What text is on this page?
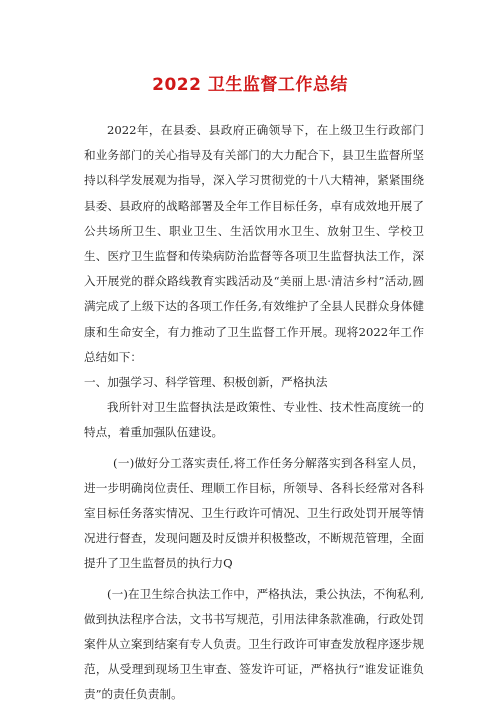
2022 卫生监督工作总结

2022年，在县委、县政府正确领导下，在上级卫生行政部门和业务部门的关心指导及有关部门的大力配合下，县卫生监督所坚持以科学发展观为指导，深入学习贯彻党的十八大精神，紧紧围绕县委、县政府的战略部署及全年工作目标任务，卓有成效地开展了公共场所卫生、职业卫生、生活饮用水卫生、放射卫生、学校卫生、医疗卫生监督和传染病防治监督等各项卫生监督执法工作，深入开展党的群众路线教育实践活动及“美丽上思·清洁乡村”活动,圆满完成了上级下达的各项工作任务,有效维护了全县人民群众身体健康和生命安全，有力推动了卫生监督工作开展。现将2022年工作总结如下：

一、加强学习、科学管理、积极创新，严格执法

我所针对卫生监督执法是政策性、专业性、技术性高度统一的特点，着重加强队伍建设。

(一)做好分工落实责任,将工作任务分解落实到各科室人员，进一步明确岗位责任、理顺工作目标，所领导、各科长经常对各科室目标任务落实情况、卫生行政许可情况、卫生行政处罚开展等情况进行督查，发现问题及时反馈并积极整改，不断规范管理，全面提升了卫生监督员的执行力Q

(一)在卫生综合执法工作中，严格执法，秉公执法，不徇私利,做到执法程序合法，文书书写规范，引用法律条款准确，行政处罚案件从立案到结案有专人负责。卫生行政许可审查发放程序逐步规范，从受理到现场卫生审查、签发许可证，严格执行“谁发证谁负责”的责任负责制。
